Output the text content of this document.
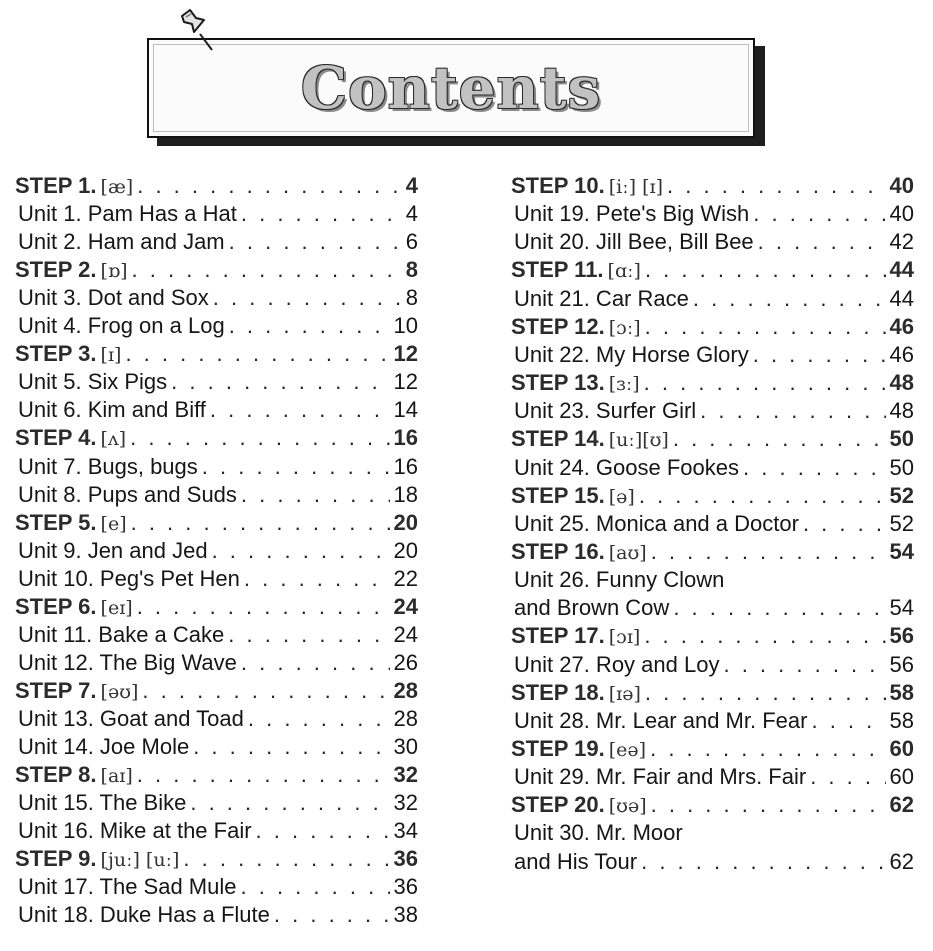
Contents
STEP 1. [æ] . . .	4
Unit 1. Pam Has a Hat . . .	4
Unit 2. Ham and Jam . . .	6
STEP 2. [ɒ] . . .	8
Unit 3. Dot and Sox . . .	8
Unit 4. Frog on a Log . . .	10
STEP 3. [ɪ] . . .	12
Unit 5. Six Pigs . . .	12
Unit 6. Kim and Biff . . .	14
STEP 4. [ʌ] . . .	16
Unit 7. Bugs, bugs . . .	16
Unit 8. Pups and Suds . . .	18
STEP 5. [e] . . .	20
Unit 9. Jen and Jed . . .	20
Unit 10. Peg's Pet Hen . . .	22
STEP 6. [eɪ] . . .	24
Unit 11. Bake a Cake . . .	24
Unit 12. The Big Wave . . .	26
STEP 7. [əʊ] . . .	28
Unit 13. Goat and Toad . . .	28
Unit 14. Joe Mole . . .	30
STEP 8. [aɪ] . . .	32
Unit 15. The Bike . . .	32
Unit 16. Mike at the Fair . . .	34
STEP 9. [juː] [uː] . . .	36
Unit 17. The Sad Mule . . .	36
Unit 18. Duke Has a Flute . . .	38
STEP 10. [iː] [ɪ] . . .	40
Unit 19. Pete's Big Wish . . .	40
Unit 20. Jill Bee, Bill Bee . . .	42
STEP 11. [ɑː] . . .	44
Unit 21. Car Race . . .	44
STEP 12. [ɔː] . . .	46
Unit 22. My Horse Glory . . .	46
STEP 13. [ɜː] . . .	48
Unit 23. Surfer Girl . . .	48
STEP 14. [uː][ʊ] . . .	50
Unit 24. Goose Fookes . . .	50
STEP 15. [ə] . . .	52
Unit 25. Monica and a Doctor . . .	52
STEP 16. [aʊ] . . .	54
Unit 26. Funny Clown
and Brown Cow . . .	54
STEP 17. [ɔɪ] . . .	56
Unit 27. Roy and Loy . . .	56
STEP 18. [ɪə] . . .	58
Unit 28. Mr. Lear and Mr. Fear . . .	58
STEP 19. [eə] . . .	60
Unit 29. Mr. Fair and Mrs. Fair . . .	60
STEP 20. [ʊə] . . .	62
Unit 30. Mr. Moor
and His Tour . . .	62
